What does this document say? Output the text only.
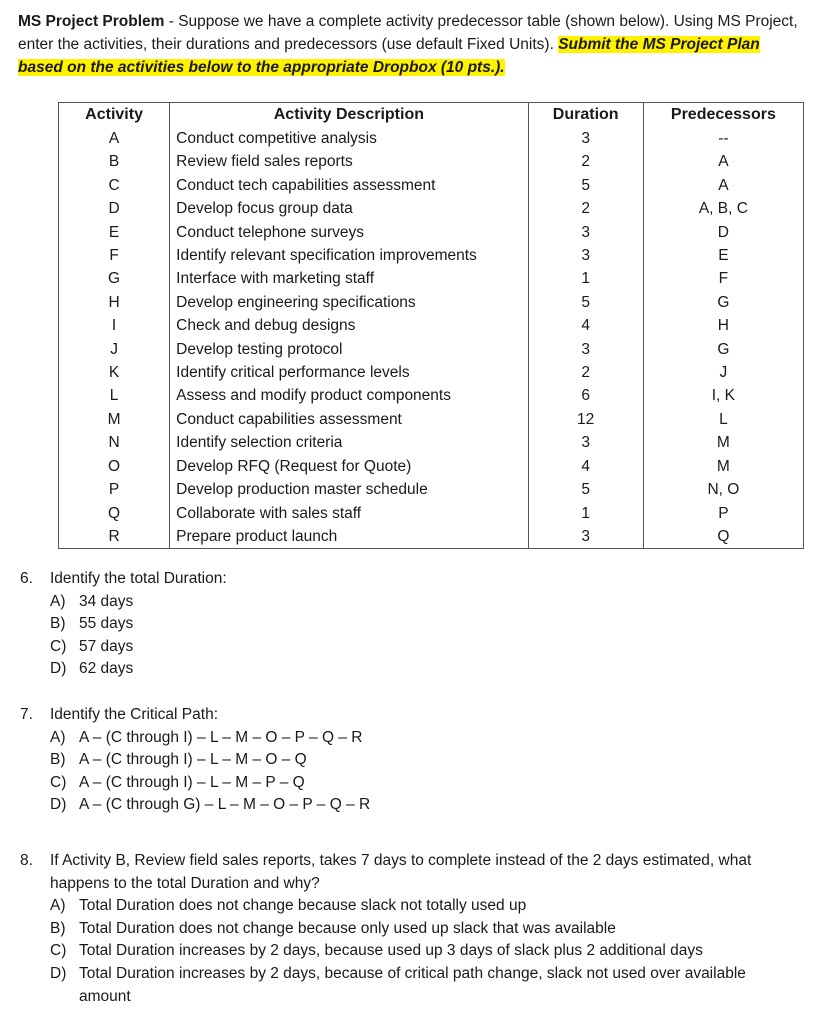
MS Project Problem - Suppose we have a complete activity predecessor table (shown below). Using MS Project, enter the activities, their durations and predecessors (use default Fixed Units). Submit the MS Project Plan based on the activities below to the appropriate Dropbox (10 pts.).
Activity	Activity Description	Duration	Predecessors
A	Conduct competitive analysis	3	--
B	Review field sales reports	2	A
C	Conduct tech capabilities assessment	5	A
D	Develop focus group data	2	A, B, C
E	Conduct telephone surveys	3	D
F	Identify relevant specification improvements	3	E
G	Interface with marketing staff	1	F
H	Develop engineering specifications	5	G
I	Check and debug designs	4	H
J	Develop testing protocol	3	G
K	Identify critical performance levels	2	J
L	Assess and modify product components	6	I, K
M	Conduct capabilities assessment	12	L
N	Identify selection criteria	3	M
O	Develop RFQ (Request for Quote)	4	M
P	Develop production master schedule	5	N, O
Q	Collaborate with sales staff	1	P
R	Prepare product launch	3	Q
6.	Identify the total Duration:
A) 34 days
B) 55 days
C) 57 days
D) 62 days
7.	Identify the Critical Path:
A) A – (C through I) – L – M – O – P – Q – R
B) A – (C through I) – L – M – O – Q
C) A – (C through I) – L – M – P – Q
D) A – (C through G) – L – M – O – P – Q – R
8.	If Activity B, Review field sales reports, takes 7 days to complete instead of the 2 days estimated, what happens to the total Duration and why?
A) Total Duration does not change because slack not totally used up
B) Total Duration does not change because only used up slack that was available
C) Total Duration increases by 2 days, because used up 3 days of slack plus 2 additional days
D) Total Duration increases by 2 days, because of critical path change, slack not used over available
amount
